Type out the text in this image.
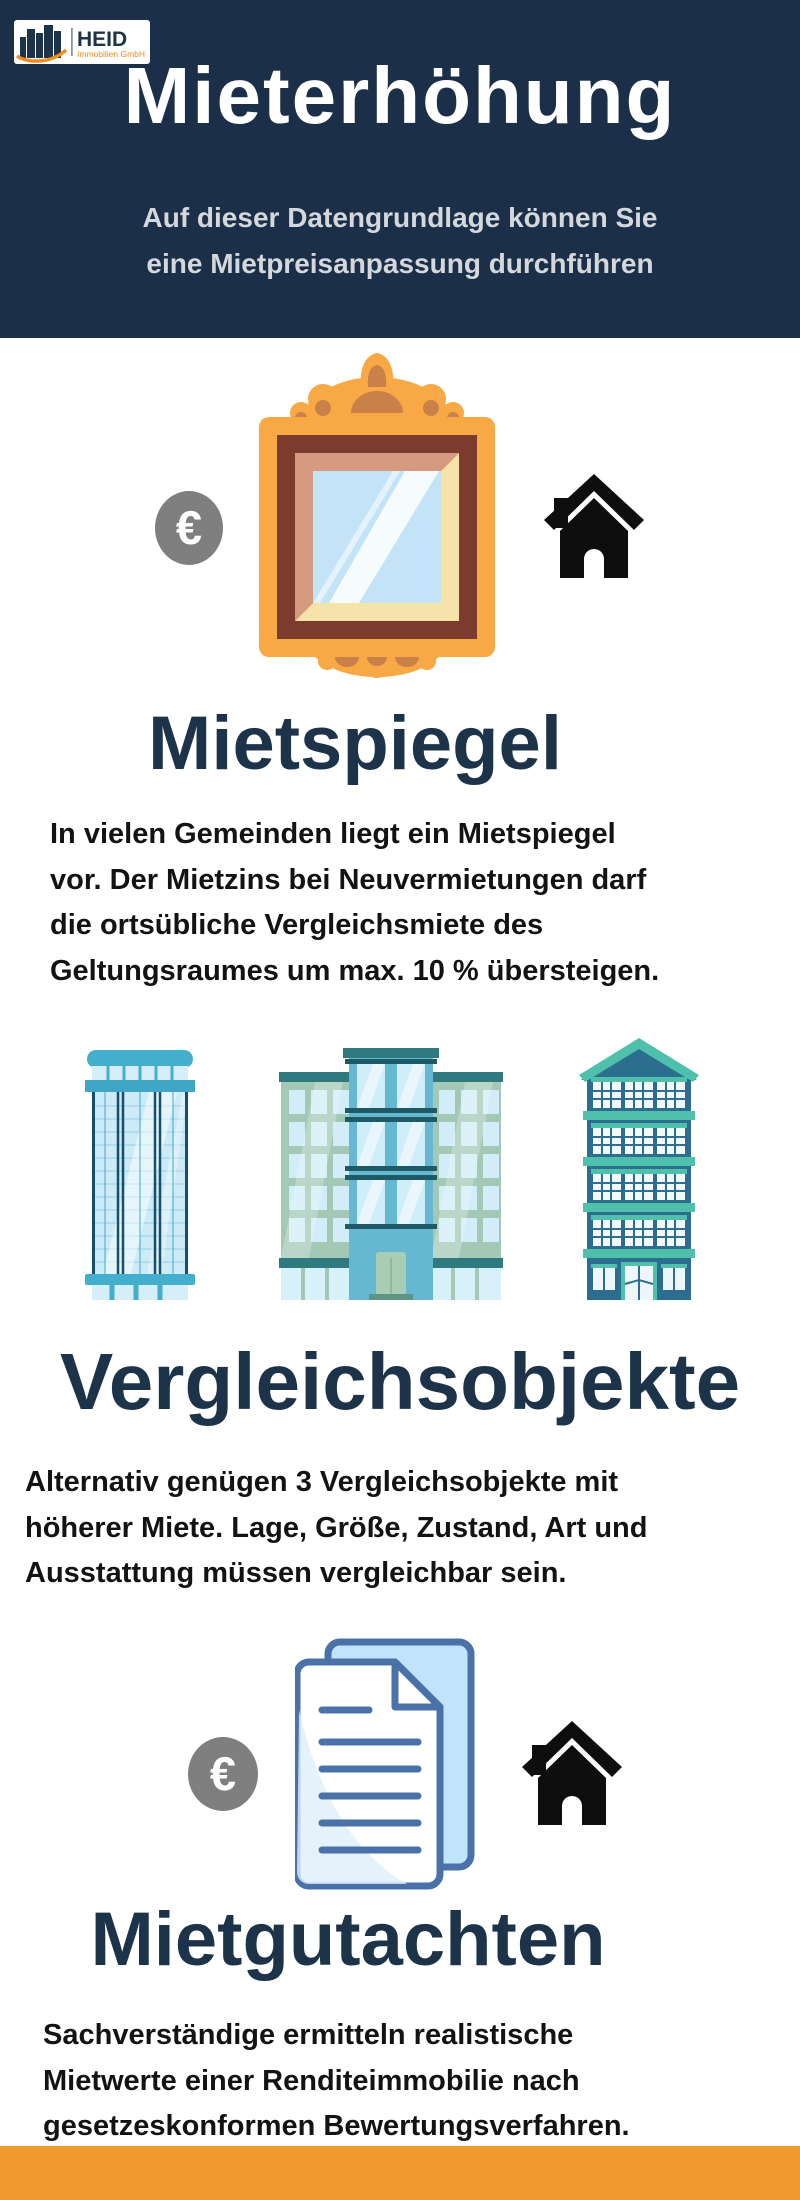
HEID
Immobilien GmbH
Mieterhöhung
Auf dieser Datengrundlage können Sie
eine Mietpreisanpassung durchführen
€
Mietspiegel
In vielen Gemeinden liegt ein Mietspiegel
vor. Der Mietzins bei Neuvermietungen darf
die ortsübliche Vergleichsmiete des
Geltungsraumes um max. 10 % übersteigen.
Vergleichsobjekte
Alternativ genügen 3 Vergleichsobjekte mit
höherer Miete. Lage, Größe, Zustand, Art und
Ausstattung müssen vergleichbar sein.
€
Mietgutachten
Sachverständige ermitteln realistische
Mietwerte einer Renditeimmobilie nach
gesetzeskonformen Bewertungsverfahren.
